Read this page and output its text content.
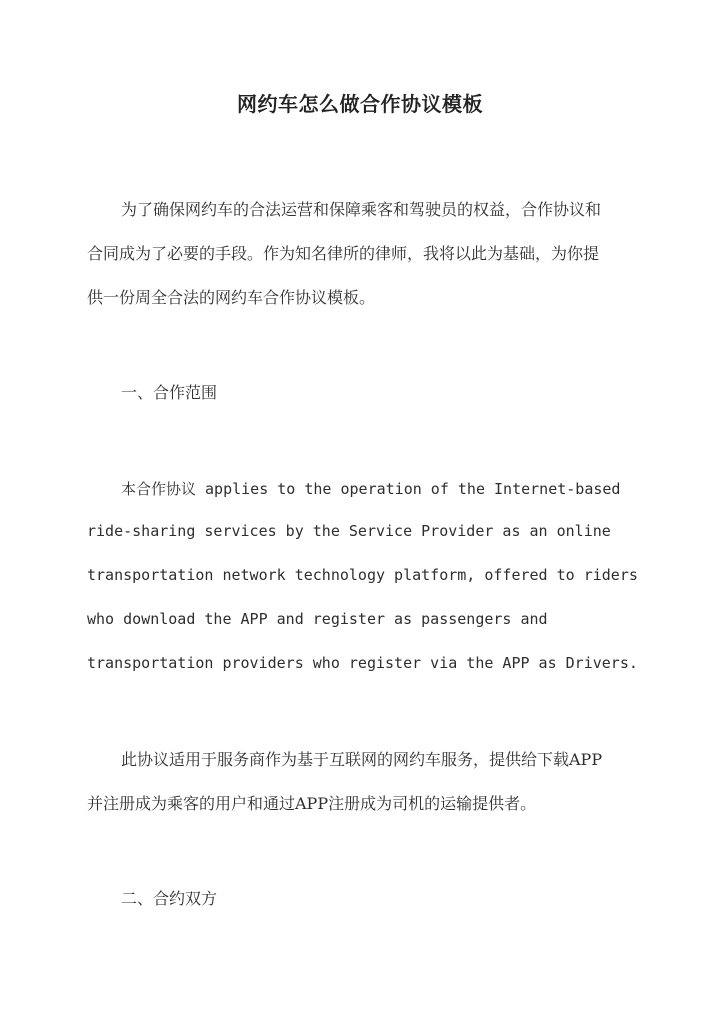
网约车怎么做合作协议模板
为了确保网约车的合法运营和保障乘客和驾驶员的权益，合作协议和
合同成为了必要的手段。作为知名律所的律师，我将以此为基础，为你提
供一份周全合法的网约车合作协议模板。
一、合作范围
本合作协议 applies to the operation of the Internet-based
ride-sharing services by the Service Provider as an online
transportation network technology platform, offered to riders
who download the APP and register as passengers and
transportation providers who register via the APP as Drivers.
此协议适用于服务商作为基于互联网的网约车服务，提供给下载APP
并注册成为乘客的用户和通过APP注册成为司机的运输提供者。
二、合约双方
